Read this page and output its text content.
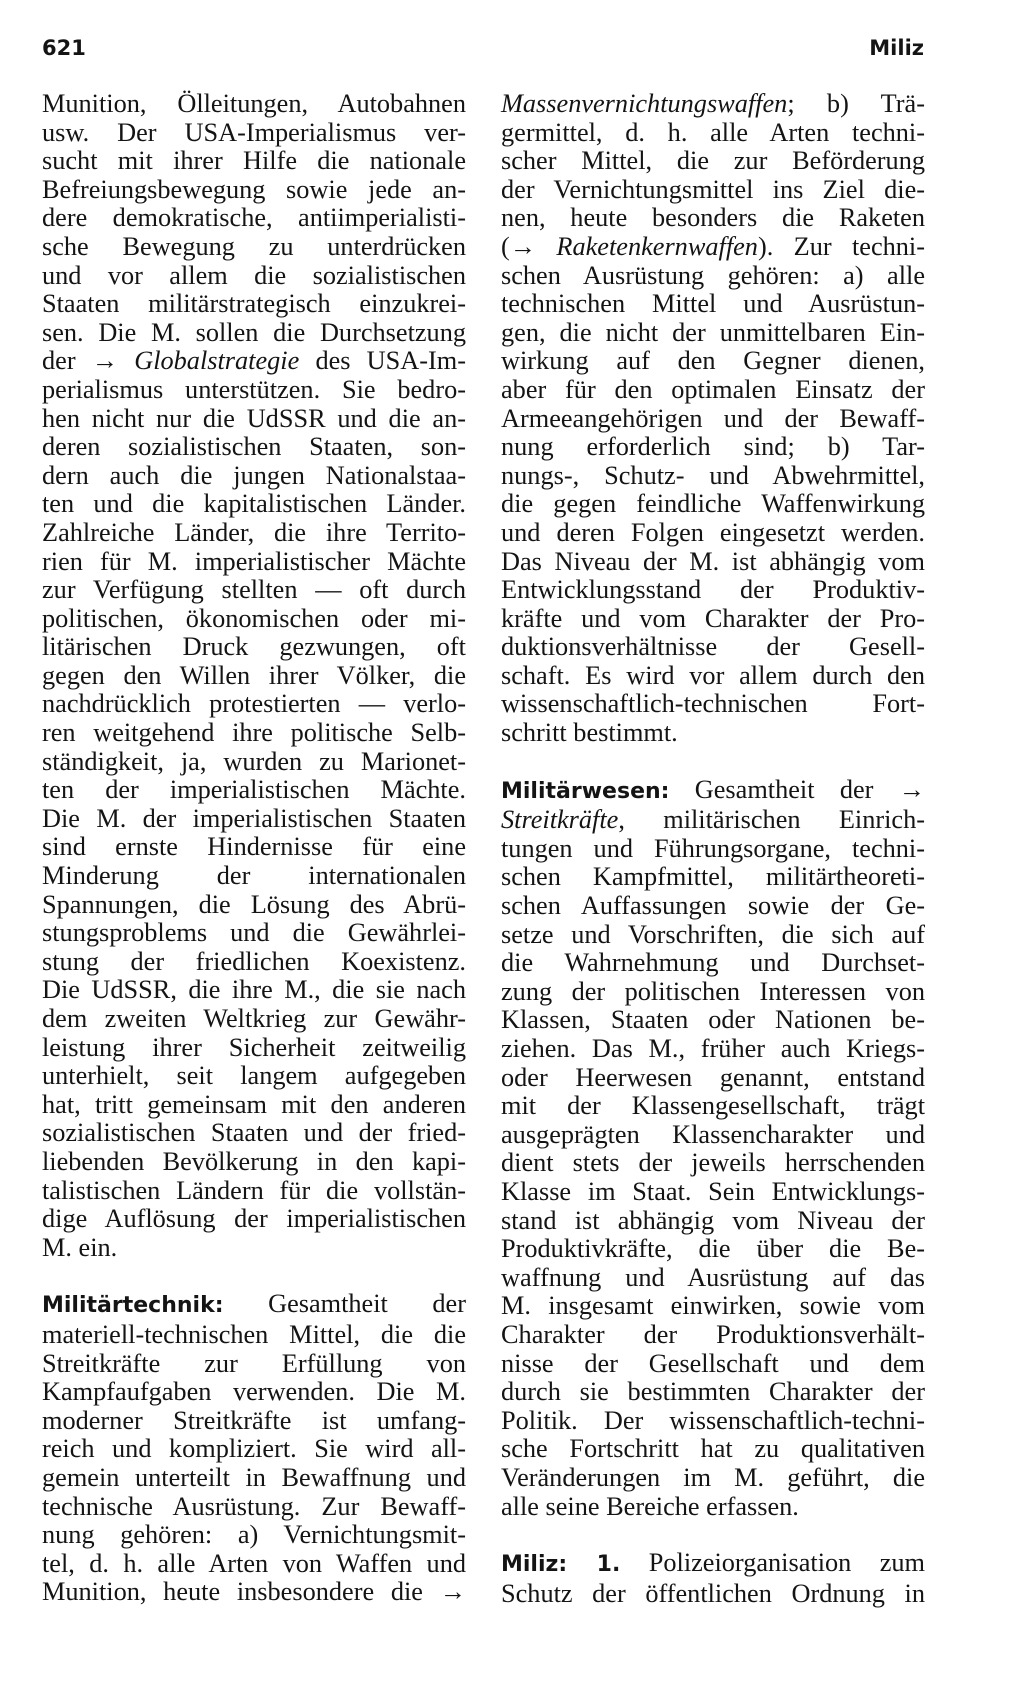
621	Miliz
Munition, Ölleitungen, Autobahnen
usw. Der USA-Imperialismus ver-
sucht mit ihrer Hilfe die nationale
Befreiungsbewegung sowie jede an-
dere demokratische, antiimperialisti-
sche Bewegung zu unterdrücken
und vor allem die sozialistischen
Staaten militärstrategisch einzukrei-
sen. Die M. sollen die Durchsetzung
der → Globalstrategie des USA-Im-
perialismus unterstützen. Sie bedro-
hen nicht nur die UdSSR und die an-
deren sozialistischen Staaten, son-
dern auch die jungen Nationalstaa-
ten und die kapitalistischen Länder.
Zahlreiche Länder, die ihre Territo-
rien für M. imperialistischer Mächte
zur Verfügung stellten — oft durch
politischen, ökonomischen oder mi-
litärischen Druck gezwungen, oft
gegen den Willen ihrer Völker, die
nachdrücklich protestierten — verlo-
ren weitgehend ihre politische Selb-
ständigkeit, ja, wurden zu Marionet-
ten der imperialistischen Mächte.
Die M. der imperialistischen Staaten
sind ernste Hindernisse für eine
Minderung der internationalen
Spannungen, die Lösung des Abrü-
stungsproblems und die Gewährlei-
stung der friedlichen Koexistenz.
Die UdSSR, die ihre M., die sie nach
dem zweiten Weltkrieg zur Gewähr-
leistung ihrer Sicherheit zeitweilig
unterhielt, seit langem aufgegeben
hat, tritt gemeinsam mit den anderen
sozialistischen Staaten und der fried-
liebenden Bevölkerung in den kapi-
talistischen Ländern für die vollstän-
dige Auflösung der imperialistischen
M. ein.
Militärtechnik: Gesamtheit der
materiell-technischen Mittel, die die
Streitkräfte zur Erfüllung von
Kampfaufgaben verwenden. Die M.
moderner Streitkräfte ist umfang-
reich und kompliziert. Sie wird all-
gemein unterteilt in Bewaffnung und
technische Ausrüstung. Zur Bewaff-
nung gehören: a) Vernichtungsmit-
tel, d. h. alle Arten von Waffen und
Munition, heute insbesondere die →
Massenvernichtungswaffen; b) Trä-
germittel, d. h. alle Arten techni-
scher Mittel, die zur Beförderung
der Vernichtungsmittel ins Ziel die-
nen, heute besonders die Raketen
(→ Raketenkernwaffen). Zur techni-
schen Ausrüstung gehören: a) alle
technischen Mittel und Ausrüstun-
gen, die nicht der unmittelbaren Ein-
wirkung auf den Gegner dienen,
aber für den optimalen Einsatz der
Armeeangehörigen und der Bewaff-
nung erforderlich sind; b) Tar-
nungs-, Schutz- und Abwehrmittel,
die gegen feindliche Waffenwirkung
und deren Folgen eingesetzt werden.
Das Niveau der M. ist abhängig vom
Entwicklungsstand der Produktiv-
kräfte und vom Charakter der Pro-
duktionsverhältnisse der Gesell-
schaft. Es wird vor allem durch den
wissenschaftlich-technischen Fort-
schritt bestimmt.
Militärwesen: Gesamtheit der →
Streitkräfte, militärischen Einrich-
tungen und Führungsorgane, techni-
schen Kampfmittel, militärtheoreti-
schen Auffassungen sowie der Ge-
setze und Vorschriften, die sich auf
die Wahrnehmung und Durchset-
zung der politischen Interessen von
Klassen, Staaten oder Nationen be-
ziehen. Das M., früher auch Kriegs-
oder Heerwesen genannt, entstand
mit der Klassengesellschaft, trägt
ausgeprägten Klassencharakter und
dient stets der jeweils herrschenden
Klasse im Staat. Sein Entwicklungs-
stand ist abhängig vom Niveau der
Produktivkräfte, die über die Be-
waffnung und Ausrüstung auf das
M. insgesamt einwirken, sowie vom
Charakter der Produktionsverhält-
nisse der Gesellschaft und dem
durch sie bestimmten Charakter der
Politik. Der wissenschaftlich-techni-
sche Fortschritt hat zu qualitativen
Veränderungen im M. geführt, die
alle seine Bereiche erfassen.
Miliz: 1. Polizeiorganisation zum
Schutz der öffentlichen Ordnung in
